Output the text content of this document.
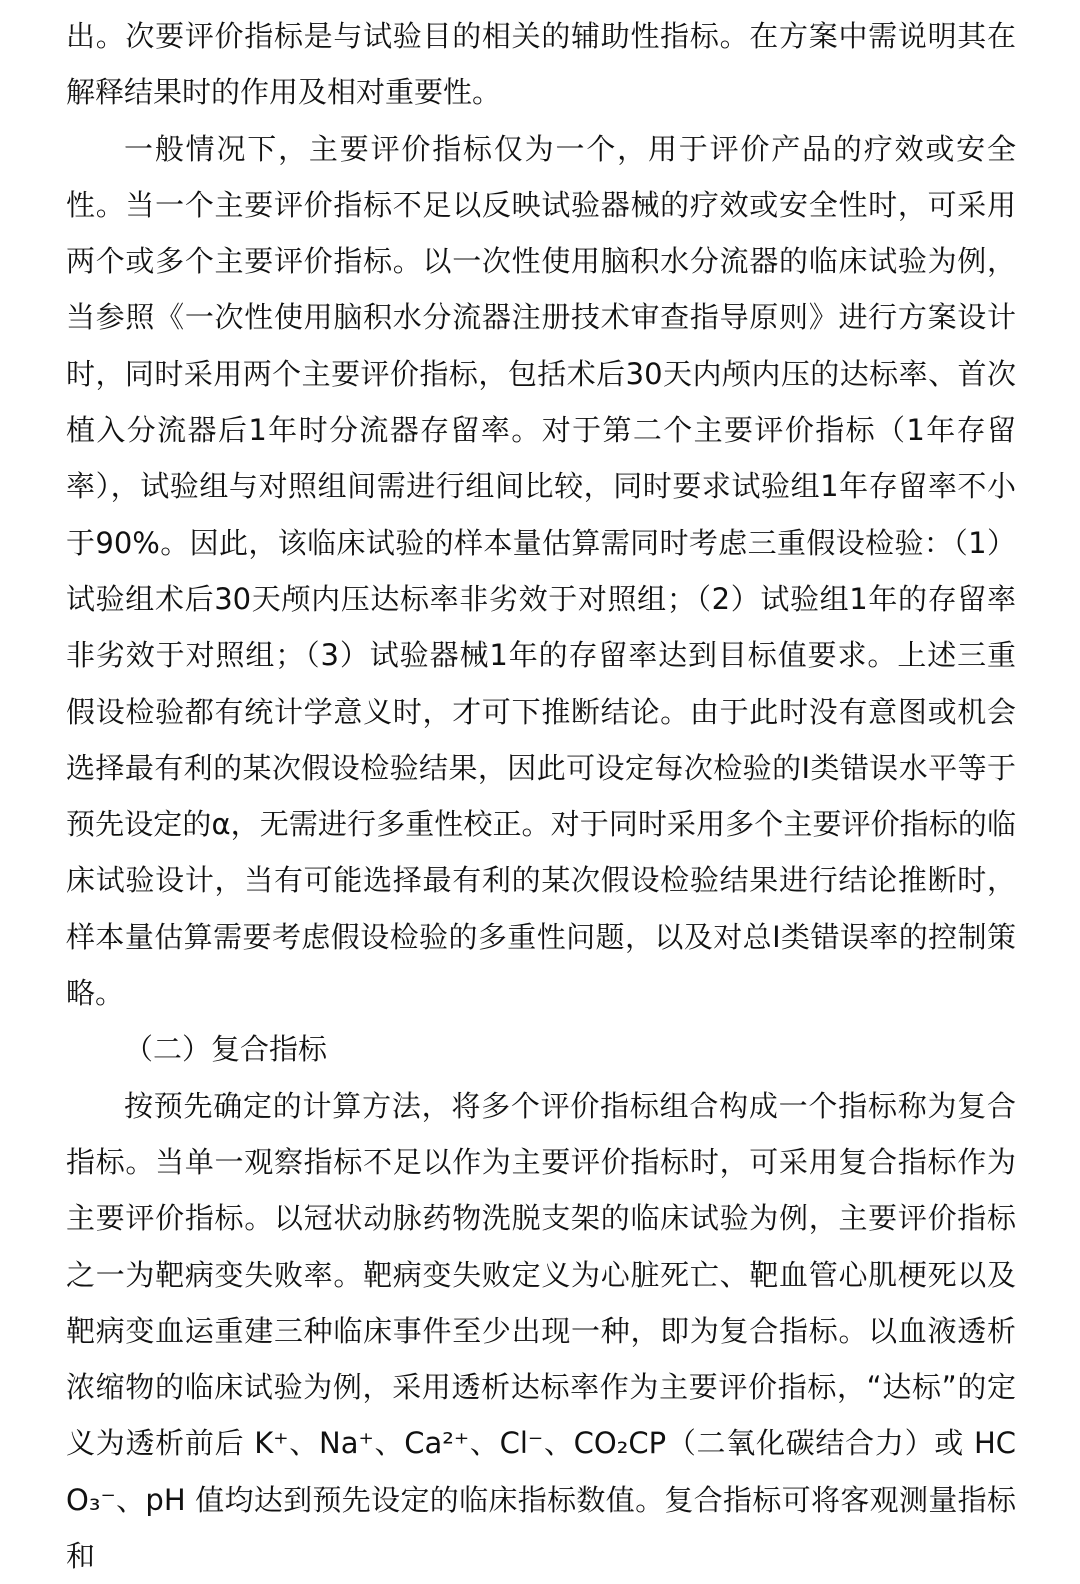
出。次要评价指标是与试验目的相关的辅助性指标。在方案中需说明其在解释结果时的作用及相对重要性。

一般情况下，主要评价指标仅为一个，用于评价产品的疗效或安全性。当一个主要评价指标不足以反映试验器械的疗效或安全性时，可采用两个或多个主要评价指标。以一次性使用脑积水分流器的临床试验为例，当参照《一次性使用脑积水分流器注册技术审查指导原则》进行方案设计时，同时采用两个主要评价指标，包括术后30天内颅内压的达标率、首次植入分流器后1年时分流器存留率。对于第二个主要评价指标（1年存留率），试验组与对照组间需进行组间比较，同时要求试验组1年存留率不小于90%。因此，该临床试验的样本量估算需同时考虑三重假设检验：（1）试验组术后30天颅内压达标率非劣效于对照组；（2）试验组1年的存留率非劣效于对照组；（3）试验器械1年的存留率达到目标值要求。上述三重假设检验都有统计学意义时，才可下推断结论。由于此时没有意图或机会选择最有利的某次假设检验结果，因此可设定每次检验的I类错误水平等于预先设定的α，无需进行多重性校正。对于同时采用多个主要评价指标的临床试验设计，当有可能选择最有利的某次假设检验结果进行结论推断时，样本量估算需要考虑假设检验的多重性问题，以及对总Ⅰ类错误率的控制策略。

（二）复合指标

按预先确定的计算方法，将多个评价指标组合构成一个指标称为复合指标。当单一观察指标不足以作为主要评价指标时，可采用复合指标作为主要评价指标。以冠状动脉药物洗脱支架的临床试验为例，主要评价指标之一为靶病变失败率。靶病变失败定义为心脏死亡、靶血管心肌梗死以及靶病变血运重建三种临床事件至少出现一种，即为复合指标。以血液透析浓缩物的临床试验为例，采用透析达标率作为主要评价指标，“达标”的定义为透析前后 K⁺、Na⁺、Ca²⁺、Cl⁻、CO₂CP（二氧化碳结合力）或 HCO₃⁻、pH 值均达到预先设定的临床指标数值。复合指标可将客观测量指标和
